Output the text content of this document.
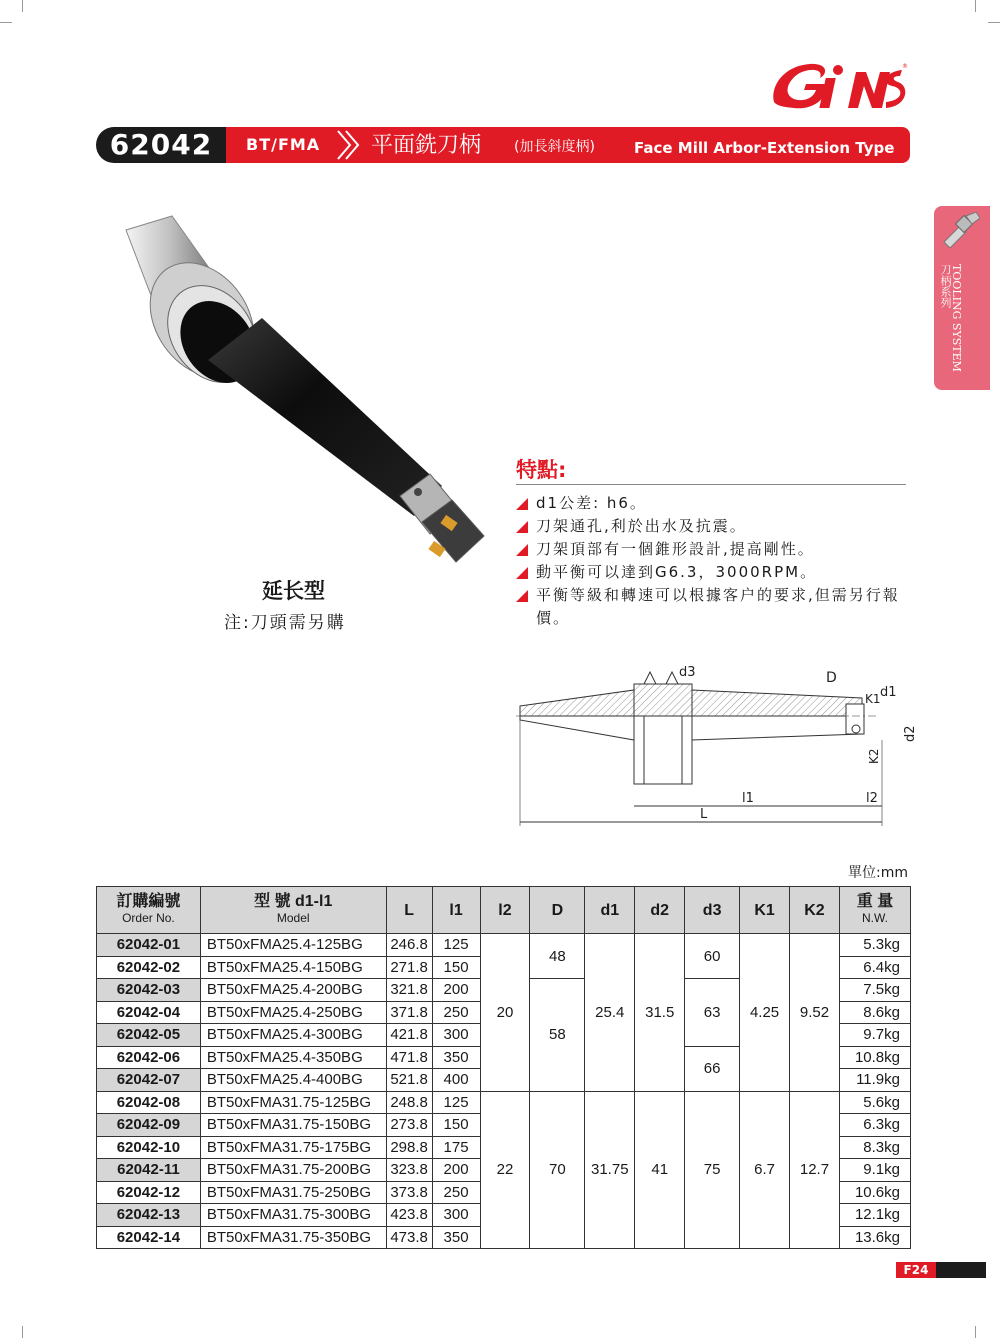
®
62042	BT/FMA 平面銑刀柄 (加長斜度柄)	Face Mill Arbor-Extension Type
TOOLING SYSTEM
刀柄系列
延长型
注:刀頭需另購
特點:
d1公差: h6。
刀架通孔,利於出水及抗震。
刀架頂部有一個錐形設計,提高剛性。
動平衡可以達到G6.3，3000RPM。
平衡等級和轉速可以根據客户的要求,但需另行報價。
d3	D
K1 d1
d2
K2
l1	l2
L
單位:mm
訂購編號
Order No.	型 號 d1-l1
Model	L	l1	l2	D	d1	d2	d3	K1	K2	重 量
N.W.

62042-01	BT50xFMA25.4-125BG	246.8	125	20	48	25.4	31.5	60	4.25	9.52	5.3kg
62042-02	BT50xFMA25.4-150BG	271.8	150								6.4kg
62042-03	BT50xFMA25.4-200BG	321.8	200		58			63			7.5kg
62042-04	BT50xFMA25.4-250BG	371.8	250								8.6kg
62042-05	BT50xFMA25.4-300BG	421.8	300								9.7kg
62042-06	BT50xFMA25.4-350BG	471.8	350					66			10.8kg
62042-07	BT50xFMA25.4-400BG	521.8	400								11.9kg
62042-08	BT50xFMA31.75-125BG	248.8	125	22	70	31.75	41	75	6.7	12.7	5.6kg
62042-09	BT50xFMA31.75-150BG	273.8	150								6.3kg
62042-10	BT50xFMA31.75-175BG	298.8	175								8.3kg
62042-11	BT50xFMA31.75-200BG	323.8	200								9.1kg
62042-12	BT50xFMA31.75-250BG	373.8	250								10.6kg
62042-13	BT50xFMA31.75-300BG	423.8	300								12.1kg
62042-14	BT50xFMA31.75-350BG	473.8	350								13.6kg
F24
